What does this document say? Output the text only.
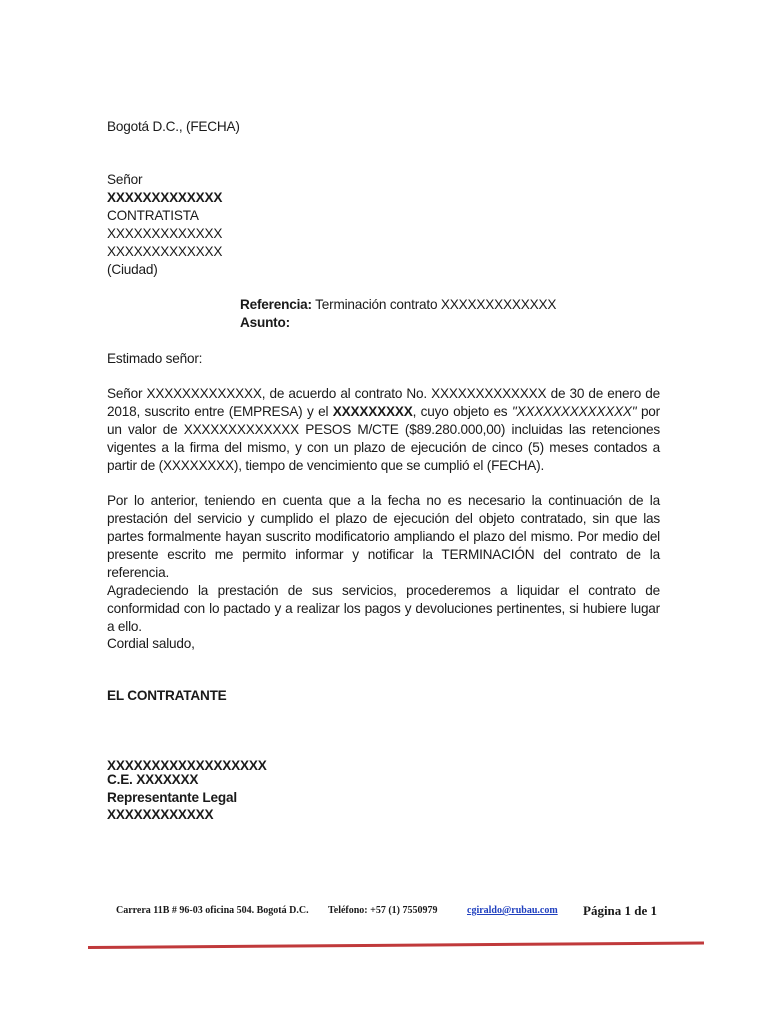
Bogotá D.C., (FECHA)
Señor
XXXXXXXXXXXXX
CONTRATISTA
XXXXXXXXXXXXX
XXXXXXXXXXXXX
(Ciudad)
Referencia: Terminación contrato XXXXXXXXXXXXX
Asunto:
Estimado señor:

Señor XXXXXXXXXXXXX, de acuerdo al contrato No. XXXXXXXXXXXXX de 30 de enero de 2018, suscrito entre (EMPRESA) y el XXXXXXXXX, cuyo objeto es "XXXXXXXXXXXXX" por un valor de XXXXXXXXXXXXX PESOS M/CTE ($89.280.000,00) incluidas las retenciones vigentes a la firma del mismo, y con un plazo de ejecución de cinco (5) meses contados a partir de (XXXXXXXX), tiempo de vencimiento que se cumplió el (FECHA).

Por lo anterior, teniendo en cuenta que a la fecha no es necesario la continuación de la prestación del servicio y cumplido el plazo de ejecución del objeto contratado, sin que las partes formalmente hayan suscrito modificatorio ampliando el plazo del mismo. Por medio del presente escrito me permito informar y notificar la TERMINACIÓN del contrato de la referencia.

Agradeciendo la prestación de sus servicios, procederemos a liquidar el contrato de conformidad con lo pactado y a realizar los pagos y devoluciones pertinentes, si hubiere lugar a ello.

Cordial saludo,
EL CONTRATANTE
XXXXXXXXXXXXXXXXXX
C.E. XXXXXXX
Representante Legal
XXXXXXXXXXXX
Carrera 11B # 96-03 oficina 504. Bogotá D.C. Teléfono: +57 (1) 7550979	cgiraldo@rubau.com Página 1 de 1
